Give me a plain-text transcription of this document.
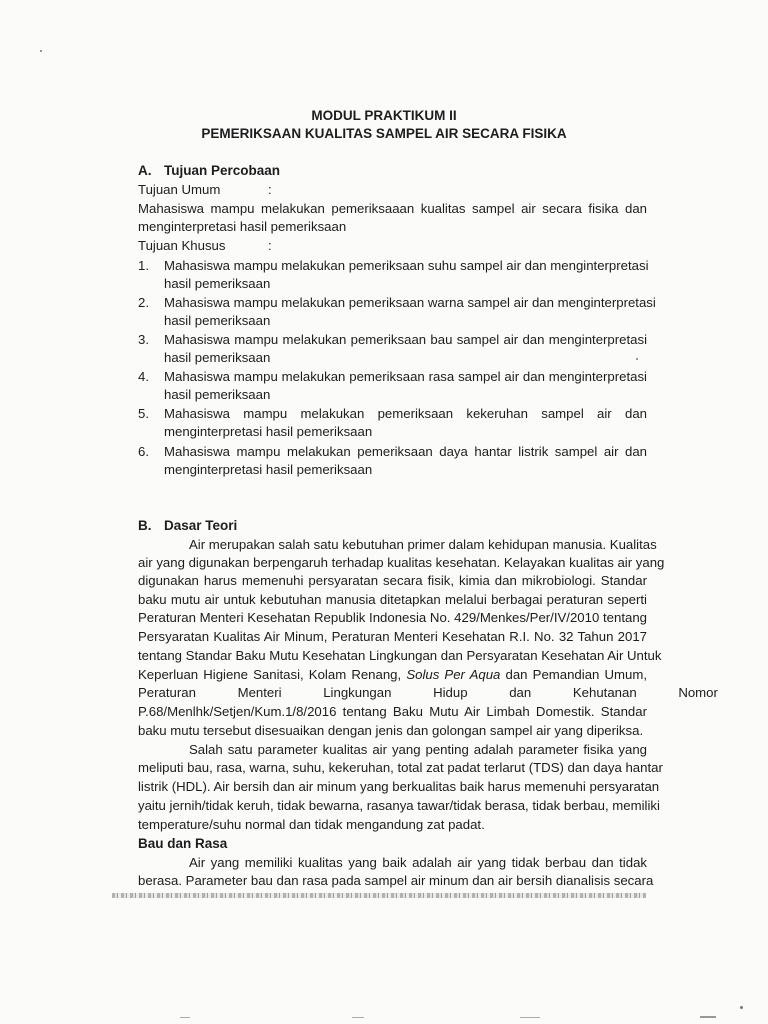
MODUL PRAKTIKUM II
PEMERIKSAAN KUALITAS SAMPEL AIR SECARA FISIKA
A. Tujuan Percobaan
Tujuan Umum	:
Mahasiswa mampu melakukan pemeriksaaan kualitas sampel air secara fisika dan
menginterpretasi hasil pemeriksaan
Tujuan Khusus	:
1. Mahasiswa mampu melakukan pemeriksaan suhu sampel air dan menginterpretasi
hasil pemeriksaan
2. Mahasiswa mampu melakukan pemeriksaan warna sampel air dan menginterpretasi
hasil pemeriksaan
3. Mahasiswa mampu melakukan pemeriksaan bau sampel air dan menginterpretasi
hasil pemeriksaan
4. Mahasiswa mampu melakukan pemeriksaan rasa sampel air dan menginterpretasi
hasil pemeriksaan
5. Mahasiswa mampu melakukan pemeriksaan kekeruhan sampel air dan
menginterpretasi hasil pemeriksaan
6. Mahasiswa mampu melakukan pemeriksaan daya hantar listrik sampel air dan
menginterpretasi hasil pemeriksaan
B. Dasar Teori
Air merupakan salah satu kebutuhan primer dalam kehidupan manusia. Kualitas
air yang digunakan berpengaruh terhadap kualitas kesehatan. Kelayakan kualitas air yang
digunakan harus memenuhi persyaratan secara fisik, kimia dan mikrobiologi. Standar
baku mutu air untuk kebutuhan manusia ditetapkan melalui berbagai peraturan seperti
Peraturan Menteri Kesehatan Republik Indonesia No. 429/Menkes/Per/IV/2010 tentang
Persyaratan Kualitas Air Minum, Peraturan Menteri Kesehatan R.I. No. 32 Tahun 2017
tentang Standar Baku Mutu Kesehatan Lingkungan dan Persyaratan Kesehatan Air Untuk
Keperluan Higiene Sanitasi, Kolam Renang, Solus Per Aqua dan Pemandian Umum,
Peraturan Menteri Lingkungan Hidup dan Kehutanan Nomor
P.68/Menlhk/Setjen/Kum.1/8/2016 tentang Baku Mutu Air Limbah Domestik. Standar
baku mutu tersebut disesuaikan dengan jenis dan golongan sampel air yang diperiksa.
Salah satu parameter kualitas air yang penting adalah parameter fisika yang
meliputi bau, rasa, warna, suhu, kekeruhan, total zat padat terlarut (TDS) dan daya hantar
listrik (HDL). Air bersih dan air minum yang berkualitas baik harus memenuhi persyaratan
yaitu jernih/tidak keruh, tidak bewarna, rasanya tawar/tidak berasa, tidak berbau, memiliki
temperature/suhu normal dan tidak mengandung zat padat.
Bau dan Rasa
Air yang memiliki kualitas yang baik adalah air yang tidak berbau dan tidak
berasa. Parameter bau dan rasa pada sampel air minum dan air bersih dianalisis secara
